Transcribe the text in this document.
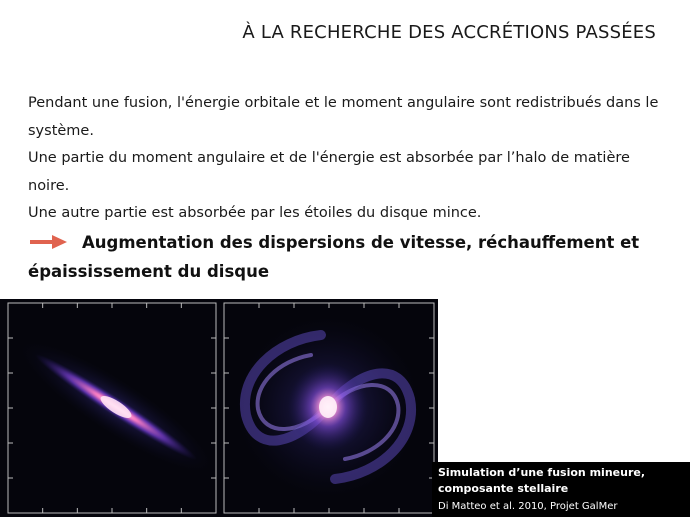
À LA RECHERCHE DES ACCRÉTIONS PASSÉES

Pendant une fusion, l'énergie orbitale et le moment angulaire sont redistribués dans le système.

Une partie du moment angulaire et de l'énergie est absorbée par l’halo de matière noire.

Une autre partie est absorbée par les étoiles du disque mince.

Augmentation des dispersions de vitesse, réchauffement et épaississement du disque
Simulation d’une fusion mineure, composante stellaire
Di Matteo et al. 2010, Projet GalMer
